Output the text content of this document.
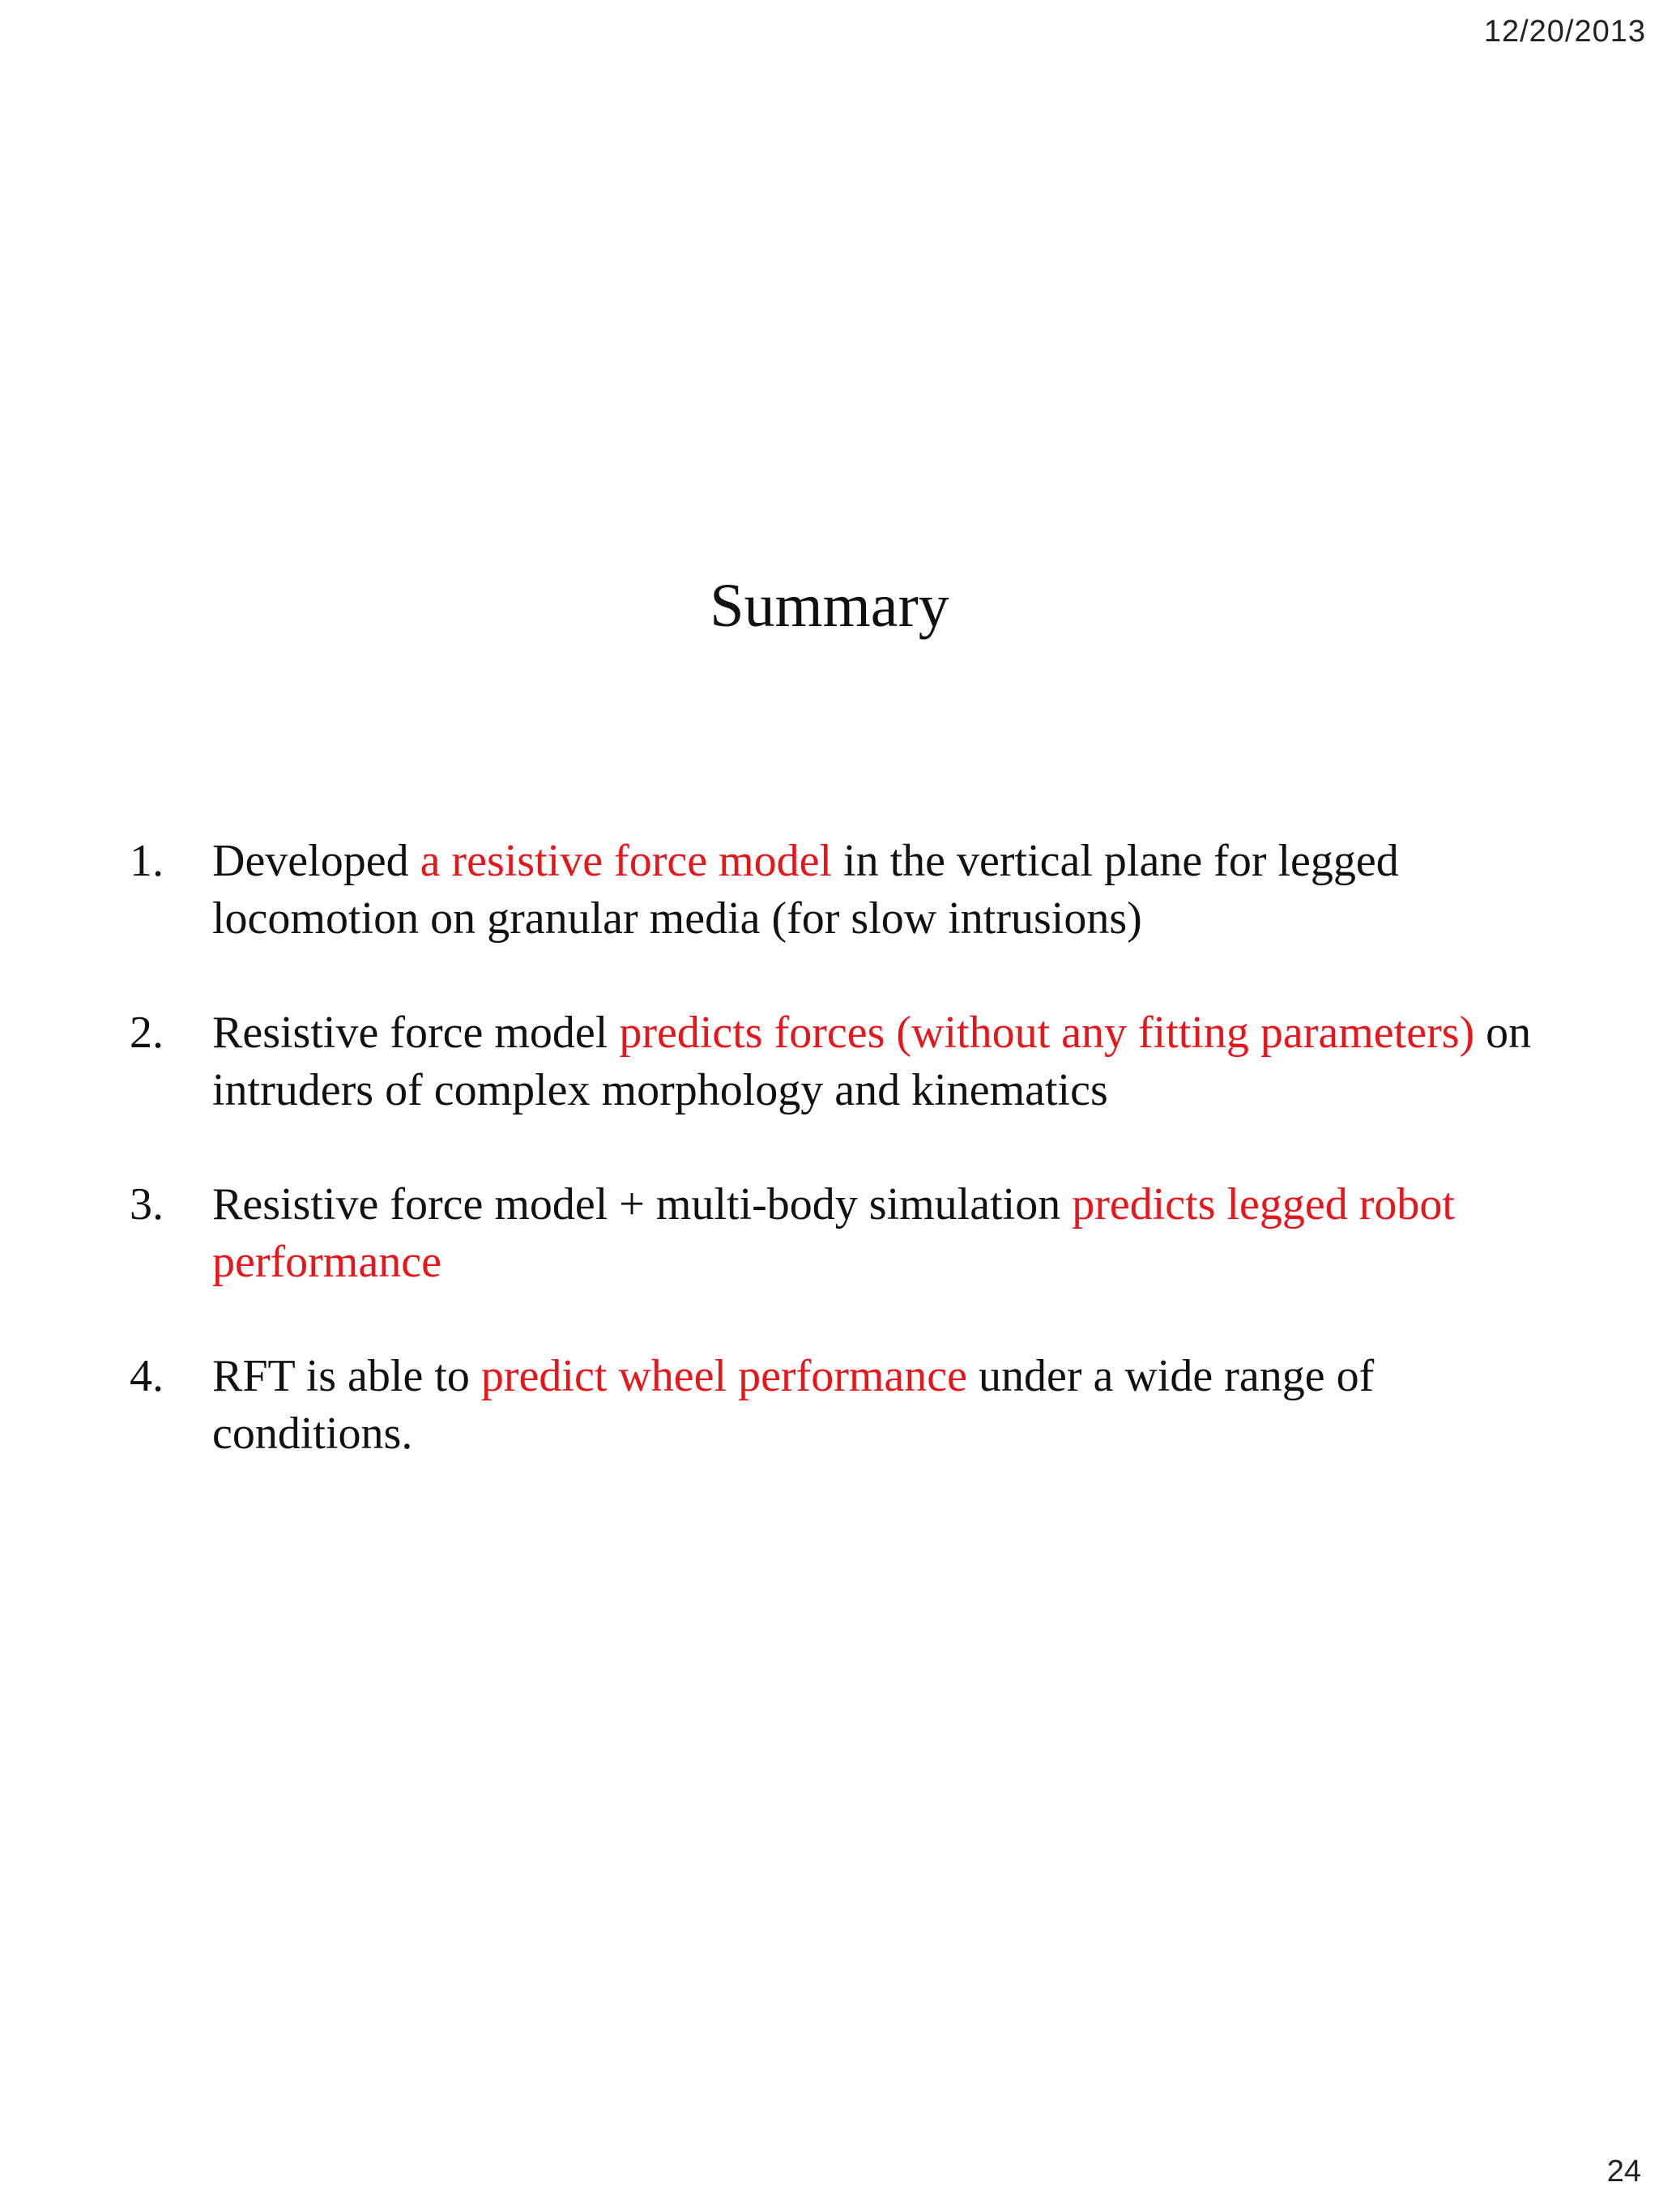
12/20/2013
Summary
1.	Developed a resistive force model in the vertical plane for legged locomotion on granular media (for slow intrusions)
2.	Resistive force model predicts forces (without any fitting parameters) on intruders of complex morphology and kinematics
3.	Resistive force model + multi-body simulation predicts legged robot performance
4.	RFT is able to predict wheel performance under a wide range of conditions.
24
